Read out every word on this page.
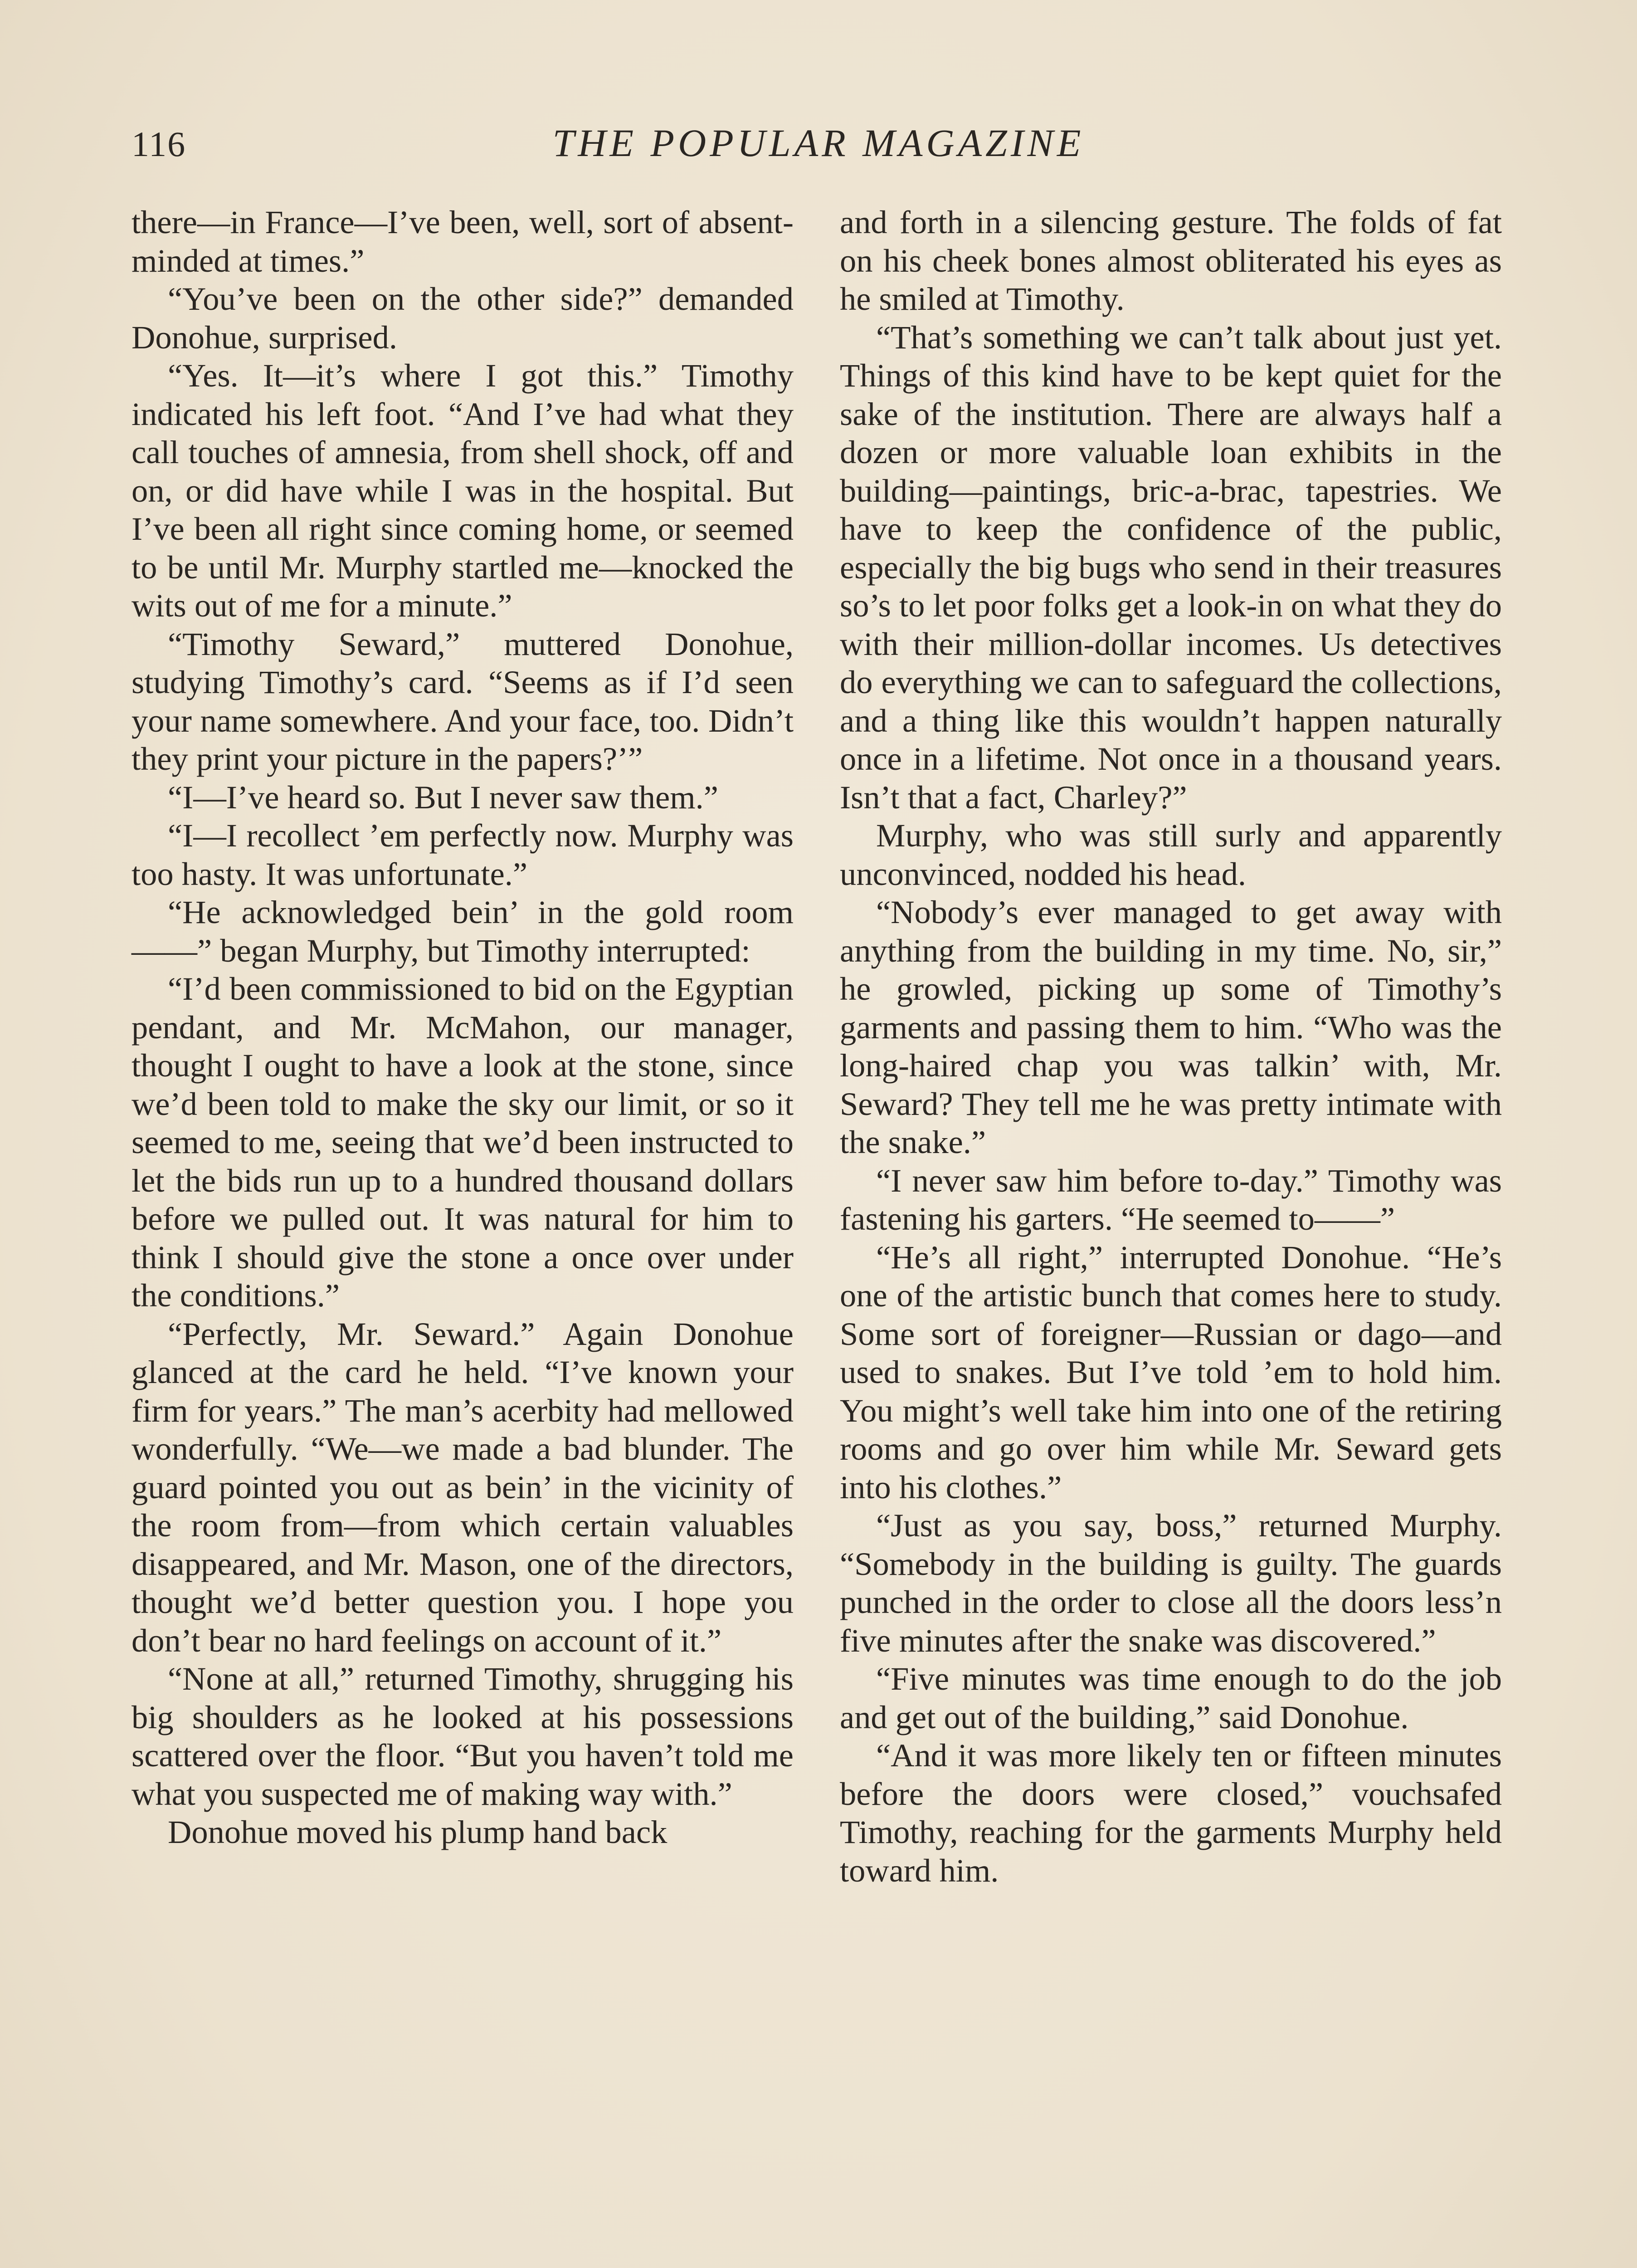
116	THE POPULAR MAGAZINE

there—in France—I’ve been, well, sort of absent-minded at times.”

“You’ve been on the other side?” demanded Donohue, surprised.

“Yes. It—it’s where I got this.” Timothy indicated his left foot. “And I’ve had what they call touches of amnesia, from shell shock, off and on, or did have while I was in the hospital. But I’ve been all right since coming home, or seemed to be until Mr. Murphy startled me—knocked the wits out of me for a minute.”

“Timothy Seward,” muttered Donohue, studying Timothy’s card. “Seems as if I’d seen your name somewhere. And your face, too. Didn’t they print your picture in the papers?’”

“I—I’ve heard so. But I never saw them.”

“I—I recollect ’em perfectly now. Murphy was too hasty. It was unfortunate.”

“He acknowledged bein’ in the gold room——” began Murphy, but Timothy interrupted:

“I’d been commissioned to bid on the Egyptian pendant, and Mr. McMahon, our manager, thought I ought to have a look at the stone, since we’d been told to make the sky our limit, or so it seemed to me, seeing that we’d been instructed to let the bids run up to a hundred thousand dollars before we pulled out. It was natural for him to think I should give the stone a once over under the conditions.”

“Perfectly, Mr. Seward.” Again Donohue glanced at the card he held. “I’ve known your firm for years.” The man’s acerbity had mellowed wonderfully. “We—we made a bad blunder. The guard pointed you out as bein’ in the vicinity of the room from—from which certain valuables disappeared, and Mr. Mason, one of the directors, thought we’d better question you. I hope you don’t bear no hard feelings on account of it.”

“None at all,” returned Timothy, shrugging his big shoulders as he looked at his possessions scattered over the floor. “But you haven’t told me what you suspected me of making way with.”

Donohue moved his plump hand back

and forth in a silencing gesture. The folds of fat on his cheek bones almost obliterated his eyes as he smiled at Timothy.

“That’s something we can’t talk about just yet. Things of this kind have to be kept quiet for the sake of the institution. There are always half a dozen or more valuable loan exhibits in the building—paintings, bric-a-brac, tapestries. We have to keep the confidence of the public, especially the big bugs who send in their treasures so’s to let poor folks get a look-in on what they do with their million-dollar incomes. Us detectives do everything we can to safeguard the collections, and a thing like this wouldn’t happen naturally once in a lifetime. Not once in a thousand years. Isn’t that a fact, Charley?”

Murphy, who was still surly and apparently unconvinced, nodded his head.

“Nobody’s ever managed to get away with anything from the building in my time. No, sir,” he growled, picking up some of Timothy’s garments and passing them to him. “Who was the long-haired chap you was talkin’ with, Mr. Seward? They tell me he was pretty intimate with the snake.”

“I never saw him before to-day.” Timothy was fastening his garters. “He seemed to——”

“He’s all right,” interrupted Donohue. “He’s one of the artistic bunch that comes here to study. Some sort of foreigner—Russian or dago—and used to snakes. But I’ve told ’em to hold him. You might’s well take him into one of the retiring rooms and go over him while Mr. Seward gets into his clothes.”

“Just as you say, boss,” returned Murphy. “Somebody in the building is guilty. The guards punched in the order to close all the doors less’n five minutes after the snake was discovered.”

“Five minutes was time enough to do the job and get out of the building,” said Donohue.

“And it was more likely ten or fifteen minutes before the doors were closed,” vouchsafed Timothy, reaching for the garments Murphy held toward him.
